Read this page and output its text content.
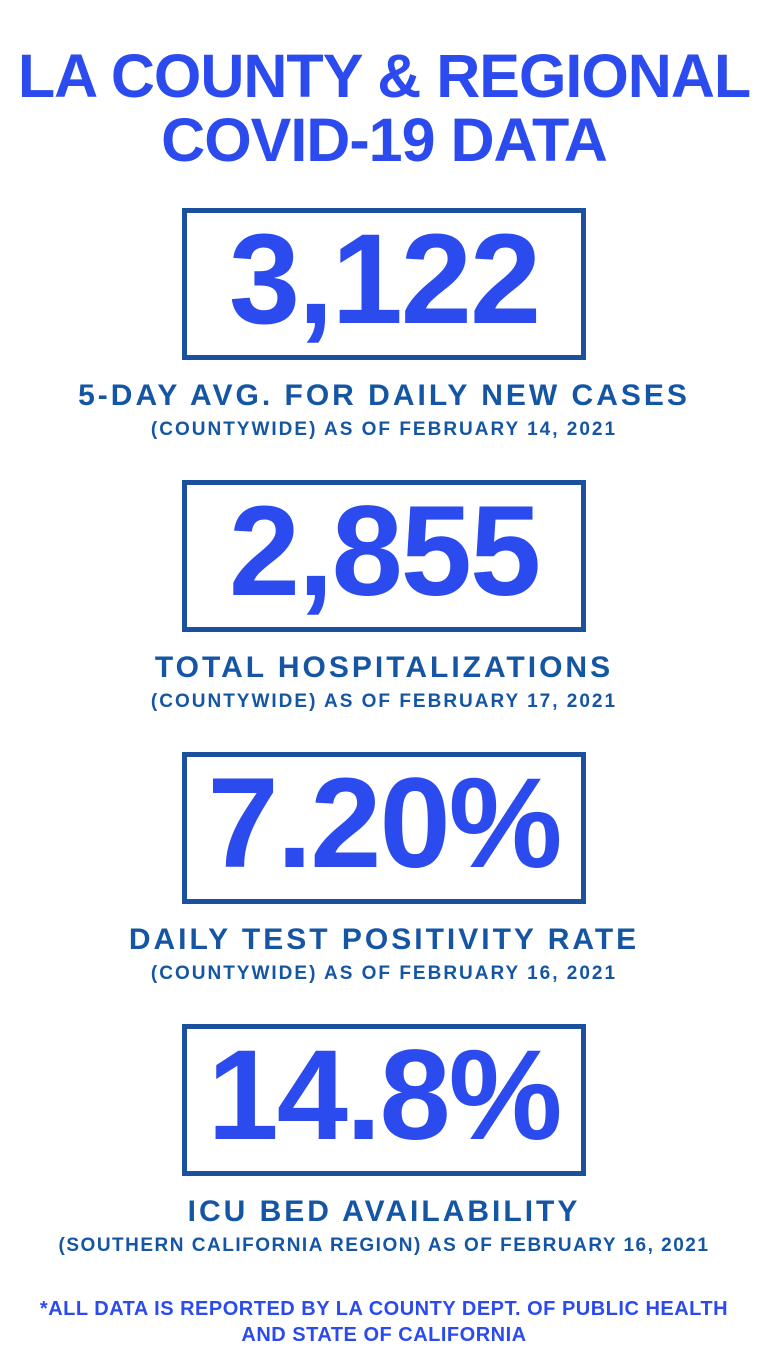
LA COUNTY & REGIONAL
COVID-19 DATA
3,122
5-DAY AVG. FOR DAILY NEW CASES
(COUNTYWIDE) AS OF FEBRUARY 14, 2021
2,855
TOTAL HOSPITALIZATIONS
(COUNTYWIDE) AS OF FEBRUARY 17, 2021
7.20%
DAILY TEST POSITIVITY RATE
(COUNTYWIDE) AS OF FEBRUARY 16, 2021
14.8%
ICU BED AVAILABILITY
(SOUTHERN CALIFORNIA REGION) AS OF FEBRUARY 16, 2021
*ALL DATA IS REPORTED BY LA COUNTY DEPT. OF PUBLIC HEALTH
AND STATE OF CALIFORNIA
